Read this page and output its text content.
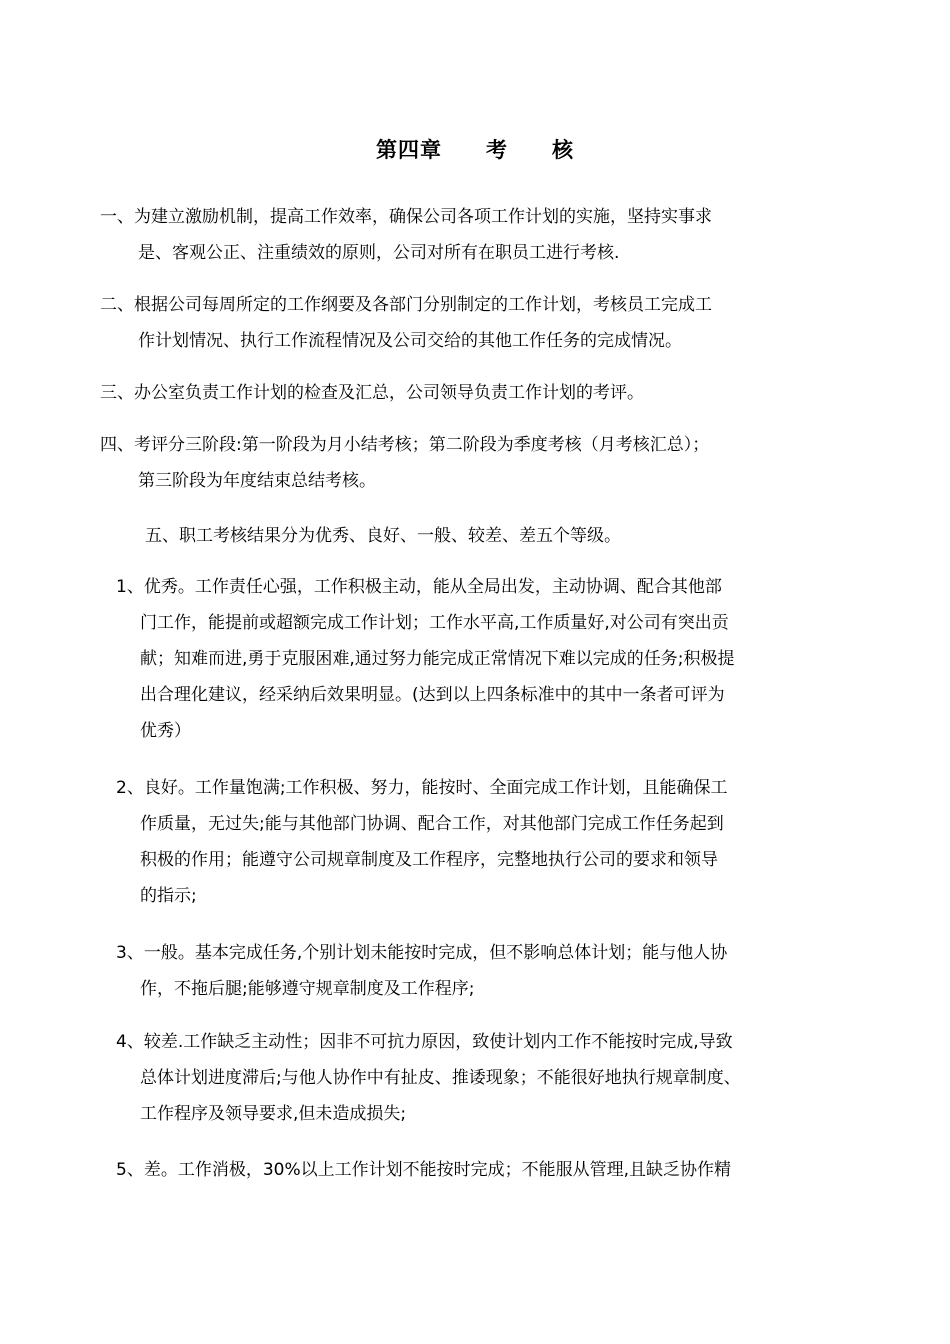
第四章　　考　　核
一、为建立激励机制，提高工作效率，确保公司各项工作计划的实施，坚持实事求
是、客观公正、注重绩效的原则，公司对所有在职员工进行考核.
二、根据公司每周所定的工作纲要及各部门分别制定的工作计划，考核员工完成工
作计划情况、执行工作流程情况及公司交给的其他工作任务的完成情况。
三、办公室负责工作计划的检查及汇总，公司领导负责工作计划的考评。
四、考评分三阶段:第一阶段为月小结考核；第二阶段为季度考核（月考核汇总）；
第三阶段为年度结束总结考核。
五、职工考核结果分为优秀、良好、一般、较差、差五个等级。
1、优秀。工作责任心强，工作积极主动，能从全局出发，主动协调、配合其他部
门工作，能提前或超额完成工作计划；工作水平高,工作质量好,对公司有突出贡
献；知难而进,勇于克服困难,通过努力能完成正常情况下难以完成的任务;积极提
出合理化建议，经采纳后效果明显。(达到以上四条标准中的其中一条者可评为
优秀）
2、良好。工作量饱满;工作积极、努力，能按时、全面完成工作计划，且能确保工
作质量，无过失;能与其他部门协调、配合工作，对其他部门完成工作任务起到
积极的作用；能遵守公司规章制度及工作程序，完整地执行公司的要求和领导
的指示;
3、一般。基本完成任务,个别计划未能按时完成，但不影响总体计划；能与他人协
作，不拖后腿;能够遵守规章制度及工作程序;
4、较差.工作缺乏主动性；因非不可抗力原因，致使计划内工作不能按时完成,导致
总体计划进度滞后;与他人协作中有扯皮、推诿现象；不能很好地执行规章制度、
工作程序及领导要求,但未造成损失;
5、差。工作消极，30%以上工作计划不能按时完成；不能服从管理,且缺乏协作精
